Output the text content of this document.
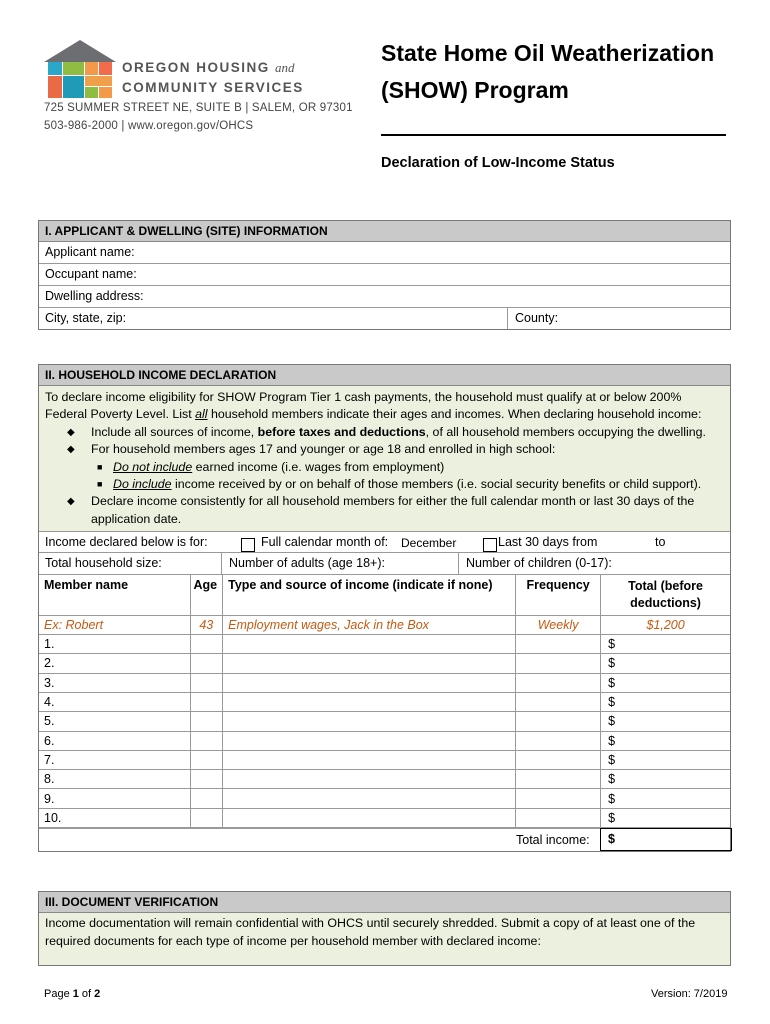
OREGON HOUSING and
COMMUNITY SERVICES
725 SUMMER STREET NE, SUITE B | SALEM, OR 97301
503-986-2000 | www.oregon.gov/OHCS
State Home Oil Weatherization
(SHOW) Program
Declaration of Low-Income Status
I. APPLICANT & DWELLING (SITE) INFORMATION
Applicant name:
Occupant name:
Dwelling address:
City, state, zip:	County:
II. HOUSEHOLD INCOME DECLARATION
To declare income eligibility for SHOW Program Tier 1 cash payments, the household must qualify at or below 200%
Federal Poverty Level. List all household members indicate their ages and incomes. When declaring household income:
◆ Include all sources of income, before taxes and deductions, of all household members occupying the dwelling.
◆ For household members ages 17 and younger or age 18 and enrolled in high school:
■ Do not include earned income (i.e. wages from employment)
■ Do include income received by or on behalf of those members (i.e. social security benefits or child support).
◆ Declare income consistently for all household members for either the full calendar month or last 30 days of the
application date.
Income declared below is for:	Full calendar month of: December	Last 30 days from	to
Total household size:	Number of adults (age 18+):	Number of children (0-17):
Member name	Age	Type and source of income (indicate if none)	Frequency	Total (before
deductions)

Ex: Robert	43	Employment wages, Jack in the Box	Weekly	$1,200
1.				$
2.				$
3.				$
4.				$
5.				$
6.				$
7.				$
8.				$
9.				$
10.				$
Total income:	$
III. DOCUMENT VERIFICATION
Income documentation will remain confidential with OHCS until securely shredded. Submit a copy of at least one of the
required documents for each type of income per household member with declared income:
Page 1 of 2	Version: 7/2019
